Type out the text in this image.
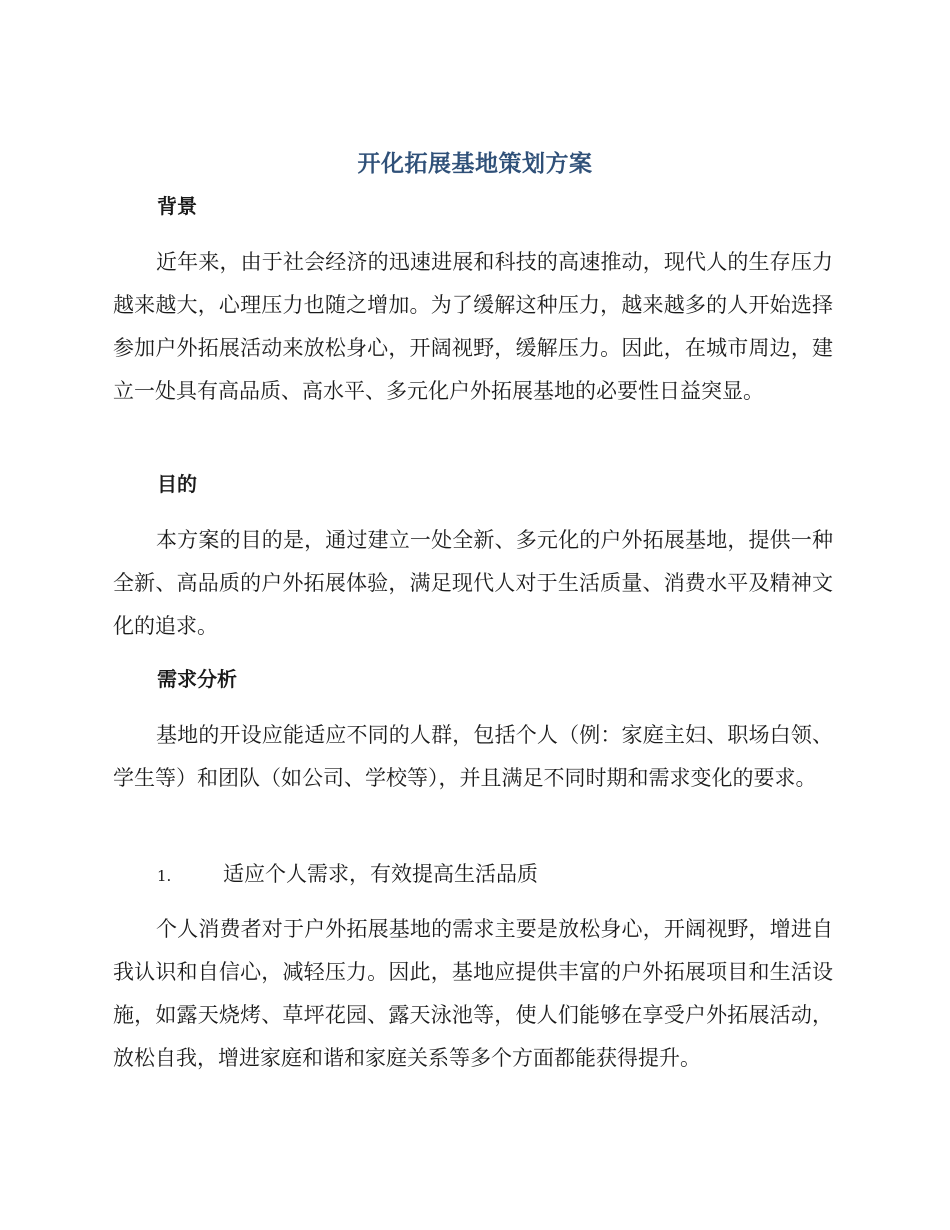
开化拓展基地策划方案
背景

近年来，由于社会经济的迅速进展和科技的高速推动，现代人的生存压力越来越大，心理压力也随之增加。为了缓解这种压力，越来越多的人开始选择参加户外拓展活动来放松身心，开阔视野，缓解压力。因此，在城市周边，建立一处具有高品质、高水平、多元化户外拓展基地的必要性日益突显。

目的

本方案的目的是，通过建立一处全新、多元化的户外拓展基地，提供一种全新、高品质的户外拓展体验，满足现代人对于生活质量、消费水平及精神文化的追求。

需求分析

基地的开设应能适应不同的人群，包括个人（例：家庭主妇、职场白领、学生等）和团队（如公司、学校等），并且满足不同时期和需求变化的要求。

1. 适应个人需求，有效提高生活品质

个人消费者对于户外拓展基地的需求主要是放松身心，开阔视野，增进自我认识和自信心，减轻压力。因此，基地应提供丰富的户外拓展项目和生活设施，如露天烧烤、草坪花园、露天泳池等，使人们能够在享受户外拓展活动，放松自我，增进家庭和谐和家庭关系等多个方面都能获得提升。
